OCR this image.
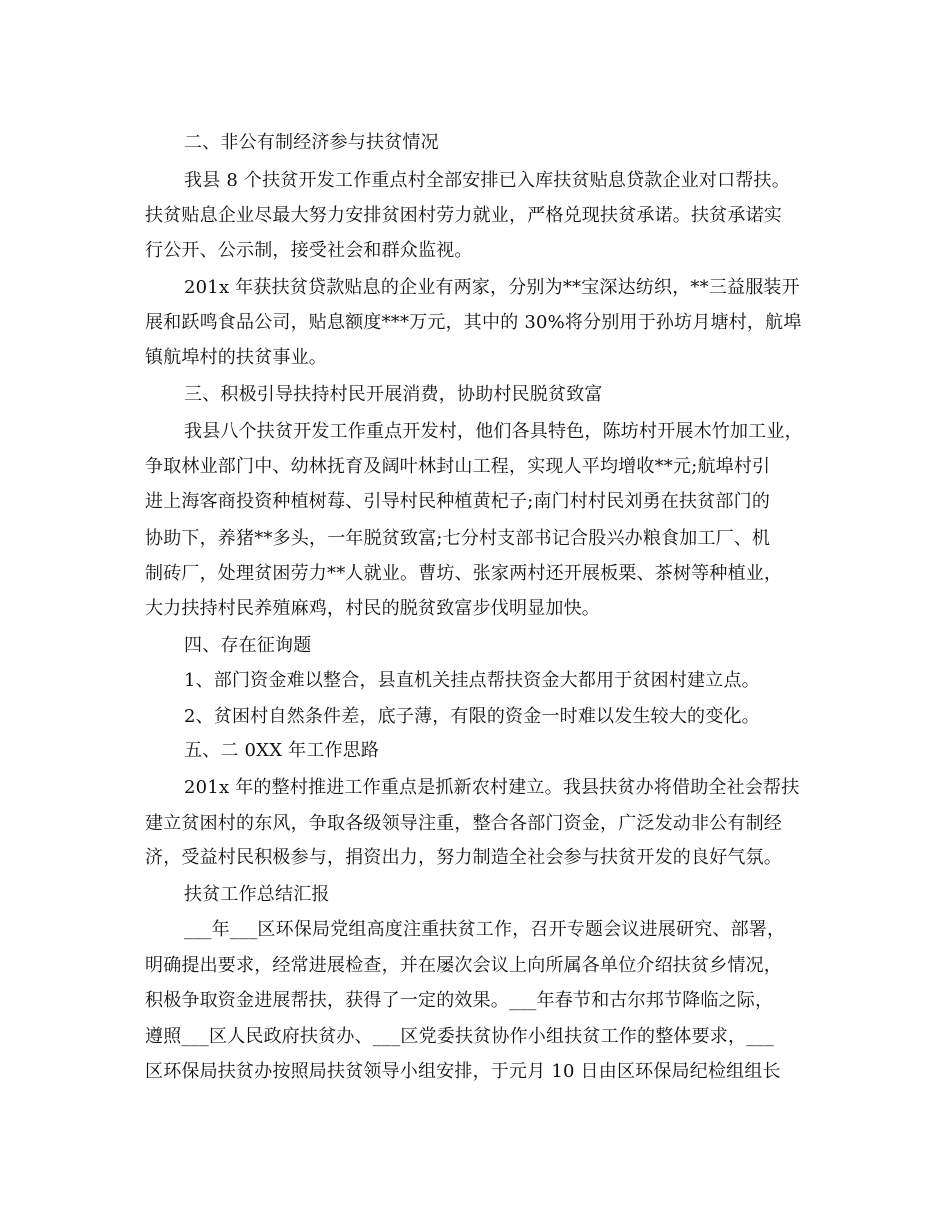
二、非公有制经济参与扶贫情况
我县 8 个扶贫开发工作重点村全部安排已入库扶贫贴息贷款企业对口帮扶。
扶贫贴息企业尽最大努力安排贫困村劳力就业，严格兑现扶贫承诺。扶贫承诺实
行公开、公示制，接受社会和群众监视。
201x 年获扶贫贷款贴息的企业有两家，分别为**宝深达纺织，**三益服装开
展和跃鸣食品公司，贴息额度***万元，其中的 30%将分别用于孙坊月塘村，航埠
镇航埠村的扶贫事业。
三、积极引导扶持村民开展消费，协助村民脱贫致富
我县八个扶贫开发工作重点开发村，他们各具特色，陈坊村开展木竹加工业，
争取林业部门中、幼林抚育及阔叶林封山工程，实现人平均增收**元;航埠村引
进上海客商投资种植树莓、引导村民种植黄杞子;南门村村民刘勇在扶贫部门的
协助下，养猪**多头，一年脱贫致富;七分村支部书记合股兴办粮食加工厂、机
制砖厂，处理贫困劳力**人就业。曹坊、张家两村还开展板栗、茶树等种植业，
大力扶持村民养殖麻鸡，村民的脱贫致富步伐明显加快。
四、存在征询题
1、部门资金难以整合，县直机关挂点帮扶资金大都用于贫困村建立点。
2、贫困村自然条件差，底子薄，有限的资金一时难以发生较大的变化。
五、二 0XX 年工作思路
201x 年的整村推进工作重点是抓新农村建立。我县扶贫办将借助全社会帮扶
建立贫困村的东风，争取各级领导注重，整合各部门资金，广泛发动非公有制经
济，受益村民积极参与，捐资出力，努力制造全社会参与扶贫开发的良好气氛。
扶贫工作总结汇报
___年___区环保局党组高度注重扶贫工作，召开专题会议进展研究、部署，
明确提出要求，经常进展检查，并在屡次会议上向所属各单位介绍扶贫乡情况，
积极争取资金进展帮扶，获得了一定的效果。___年春节和古尔邦节降临之际，
遵照___区人民政府扶贫办、___区党委扶贫协作小组扶贫工作的整体要求，___
区环保局扶贫办按照局扶贫领导小组安排，于元月 10 日由区环保局纪检组组长
